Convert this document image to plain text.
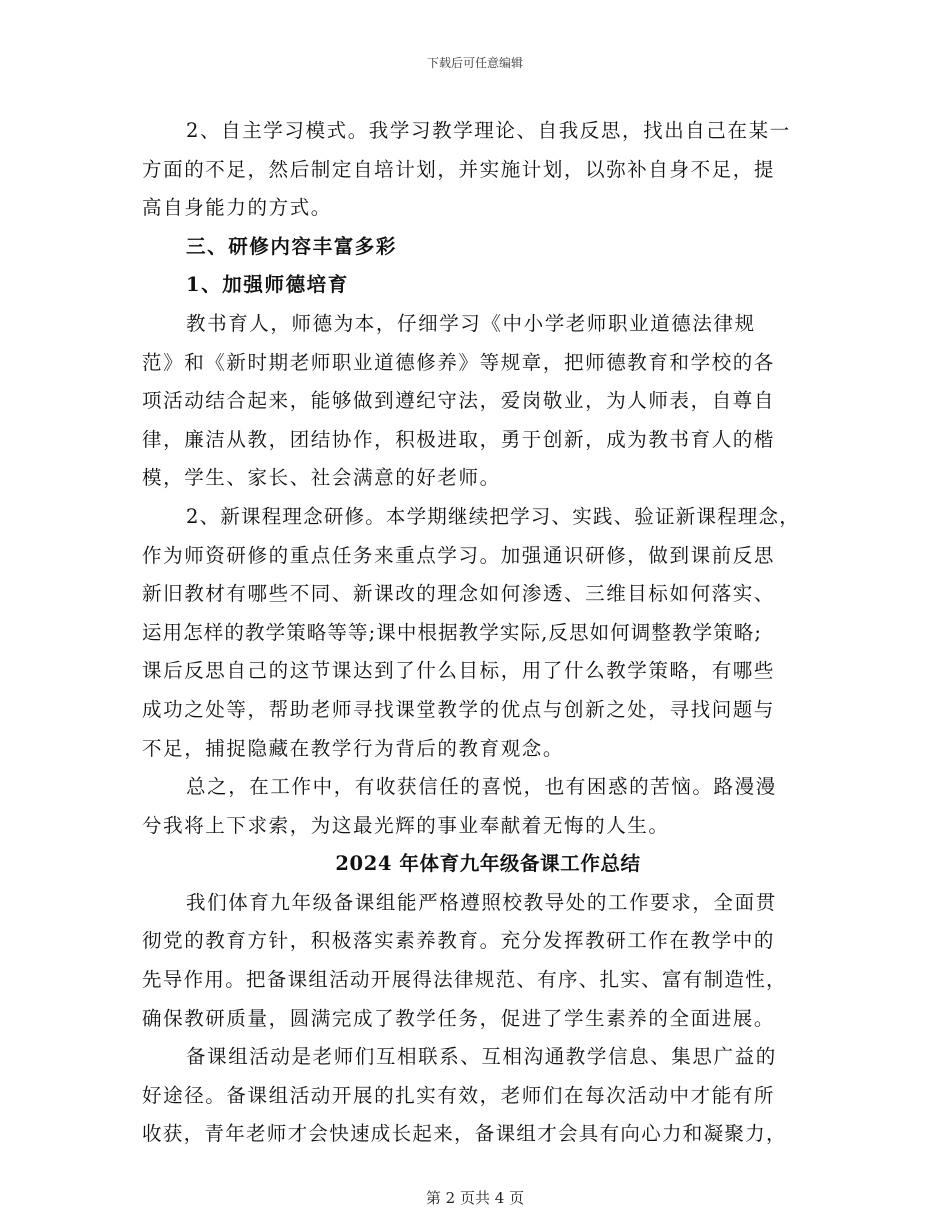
下载后可任意编辑
2、自主学习模式。我学习教学理论、自我反思，找出自己在某一
方面的不足，然后制定自培计划，并实施计划，以弥补自身不足，提
高自身能力的方式。
三、研修内容丰富多彩
1、加强师德培育
教书育人，师德为本，仔细学习《中小学老师职业道德法律规
范》和《新时期老师职业道德修养》等规章，把师德教育和学校的各
项活动结合起来，能够做到遵纪守法，爱岗敬业，为人师表，自尊自
律，廉洁从教，团结协作，积极进取，勇于创新，成为教书育人的楷
模，学生、家长、社会满意的好老师。
2、新课程理念研修。本学期继续把学习、实践、验证新课程理念，
作为师资研修的重点任务来重点学习。加强通识研修，做到课前反思
新旧教材有哪些不同、新课改的理念如何渗透、三维目标如何落实、
运用怎样的教学策略等等;课中根据教学实际,反思如何调整教学策略;
课后反思自己的这节课达到了什么目标，用了什么教学策略，有哪些
成功之处等，帮助老师寻找课堂教学的优点与创新之处，寻找问题与
不足，捕捉隐藏在教学行为背后的教育观念。
总之，在工作中，有收获信任的喜悦，也有困惑的苦恼。路漫漫
兮我将上下求索，为这最光辉的事业奉献着无悔的人生。
2024 年体育九年级备课工作总结
我们体育九年级备课组能严格遵照校教导处的工作要求，全面贯
彻党的教育方针，积极落实素养教育。充分发挥教研工作在教学中的
先导作用。把备课组活动开展得法律规范、有序、扎实、富有制造性，
确保教研质量，圆满完成了教学任务，促进了学生素养的全面进展。
备课组活动是老师们互相联系、互相沟通教学信息、集思广益的
好途径。备课组活动开展的扎实有效，老师们在每次活动中才能有所
收获，青年老师才会快速成长起来，备课组才会具有向心力和凝聚力，
第 2 页共 4 页
